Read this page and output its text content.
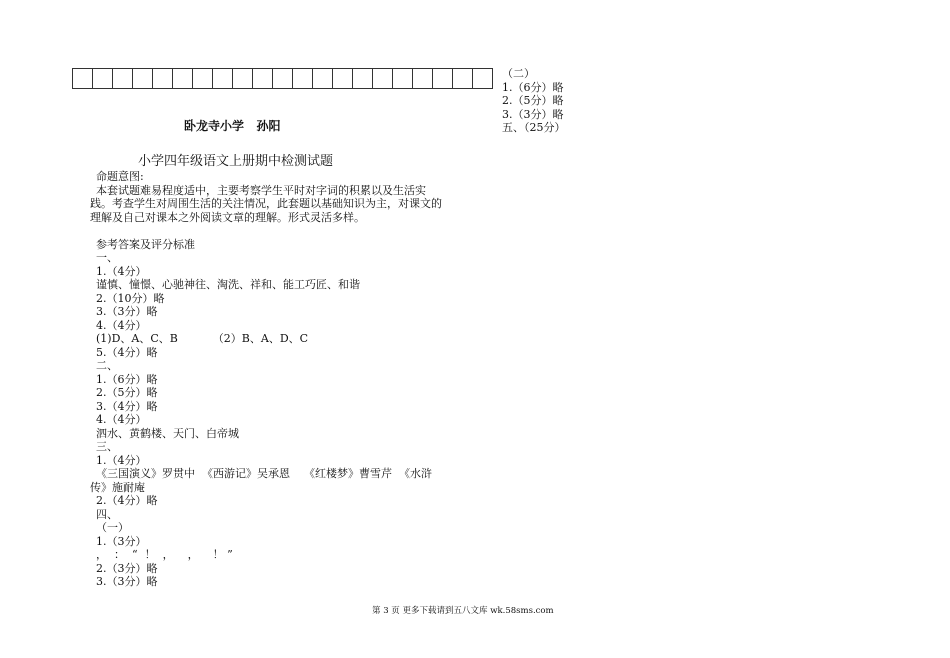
卧龙寺小学   孙阳
小学四年级语文上册期中检测试题
命题意图:
本套试题难易程度适中，主要考察学生平时对字词的积累以及生活实
践。考查学生对周围生活的关注情况，此套题以基础知识为主，对课文的
理解及自己对课本之外阅读文章的理解。形式灵活多样。
参考答案及评分标准
一、
1.（4分）
谨慎、憧憬、心驰神往、淘洗、祥和、能工巧匠、和谐
2.（10分）略
3.（3分）略
4.（4分）
(1)D、A、C、B          （2）B、A、D、C
5.（4分）略
二、
1.（6分）略
2.（5分）略
3.（4分）略
4.（4分）
泗水、黄鹤楼、天门、白帝城
三、
1.（4分）
《三国演义》罗贯中  《西游记》吴承恩    《红楼梦》曹雪芹  《水浒
传》施耐庵
2.（4分）略
四、
（一）
1.（3分）
，  ：  “  ！  ，    ，    ！ ”
2.（3分）略
3.（3分）略
（二）
1.（6分）略
2.（5分）略
3.（3分）略
五、（25分）
第 3 页 更多下载请到五八文库 wk.58sms.com
